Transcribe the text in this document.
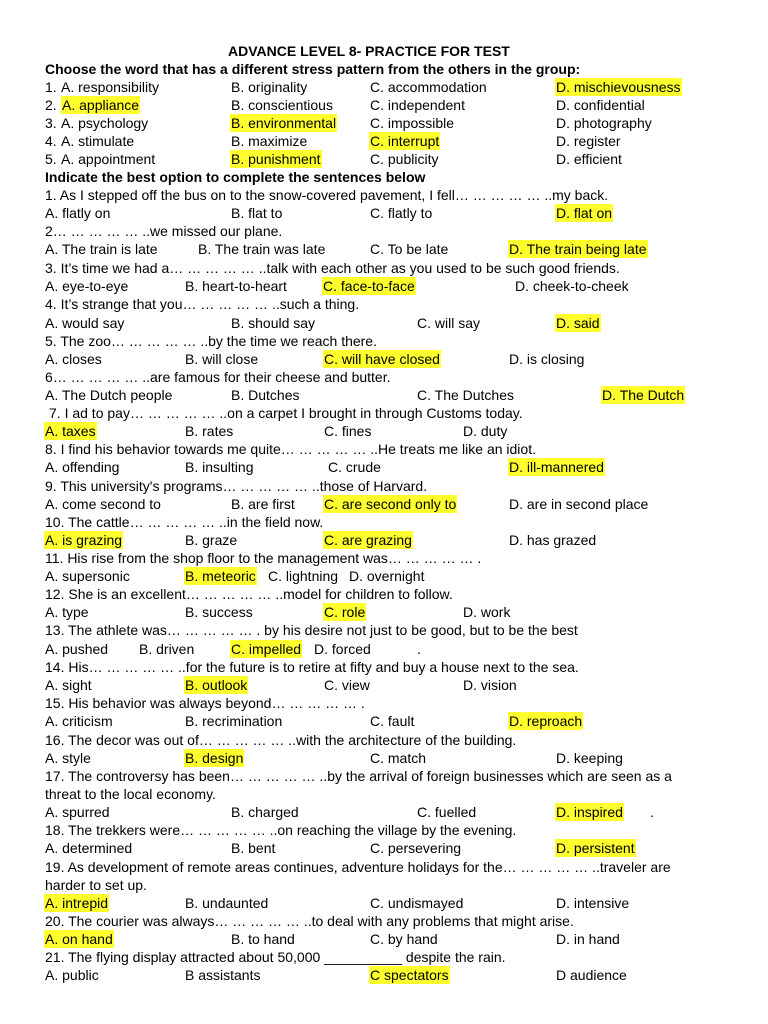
ADVANCE LEVEL 8- PRACTICE FOR TEST
Choose the word that has a different stress pattern from the others in the group:
1. A. responsibility	B. originality	C. accommodation	D. mischievousness
2. A. appliance	B. conscientious	C. independent	D. confidential
3. A. psychology	B. environmental C. impossible	D. photography
4. A. stimulate	B. maximize	C. interrupt	D. register
5. A. appointment	B. punishment	C. publicity	D. efficient
Indicate the best option to complete the sentences below
1. As I stepped off the bus on to the snow-covered pavement, I fell… … … … … ..my back.
A. flatly on	B. flat to	C. flatly to	D. flat on
2… … … … … ..we missed our plane.
A. The train is late	B. The train was late	C. To be late	D. The train being late
3. It’s time we had a… … … … … ..talk with each other as you used to be such good friends.
A. eye-to-eye	B. heart-to-heart	C. face-to-face	D. cheek-to-cheek
4. It’s strange that you… … … … … ..such a thing.
A. would say	B. should say	C. will say	D. said
5. The zoo… … … … … ..by the time we reach there.
A. closes	B. will close	C. will have closed	D. is closing
6… … … … … ..are famous for their cheese and butter.
A. The Dutch people	B. Dutches	C. The Dutches	D. The Dutch
7. I ad to pay… … … … … ..on a carpet I brought in through Customs today.
A. taxes	B. rates	C. fines	D. duty
8. I find his behavior towards me quite… … … … … ..He treats me like an idiot.
A. offending	B. insulting	C. crude	D. ill-mannered
9. This university's programs… … … … … ..those of Harvard.
A. come second to	B. are first C. are second only to	D. are in second place
10. The cattle… … … … … ..in the field now.
A. is grazing	B. graze	C. are grazing	D. has grazed
11. His rise from the shop floor to the management was… … … … … .
A. supersonic	B. meteoric C. lightning D. overnight
12. She is an excellent… … … … … ..model for children to follow.
A. type	B. success	C. role	D. work
13. The athlete was… … … … … . by his desire not just to be good, but to be the best
A. pushed B. driven	C. impelled D. forced	.
14. His… … … … … ..for the future is to retire at fifty and buy a house next to the sea.
A. sight	B. outlook	C. view	D. vision
15. His behavior was always beyond… … … … … .
A. criticism	B. recrimination	C. fault	D. reproach
16. The decor was out of… … … … … ..with the architecture of the building.
A. style	B. design	C. match	D. keeping
17. The controversy has been… … … … … ..by the arrival of foreign businesses which are seen as a
threat to the local economy.
A. spurred	B. charged	C. fuelled	D. inspired .
18. The trekkers were… … … … … ..on reaching the village by the evening.
A. determined	B. bent	C. persevering	D. persistent
19. As development of remote areas continues, adventure holidays for the… … … … … ..traveler are
harder to set up.
A. intrepid	B. undaunted	C. undismayed	D. intensive
20. The courier was always… … … … … ..to deal with any problems that might arise.
A. on hand	B. to hand	C. by hand	D. in hand
21. The flying display attracted about 50,000 __________ despite the rain.
A. public	B assistants	C spectators	D audience
